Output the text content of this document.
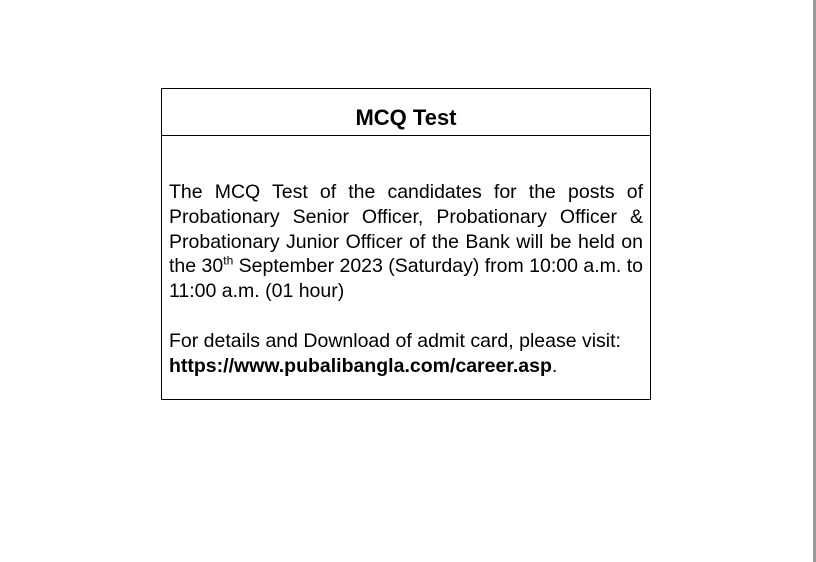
MCQ Test

The MCQ Test of the candidates for the posts of Probationary Senior Officer, Probationary Officer & Probationary Junior Officer of the Bank will be held on the 30th September 2023 (Saturday) from 10:00 a.m. to 11:00 a.m. (01 hour)

For details and Download of admit card, please visit: https://www.pubalibangla.com/career.asp.
